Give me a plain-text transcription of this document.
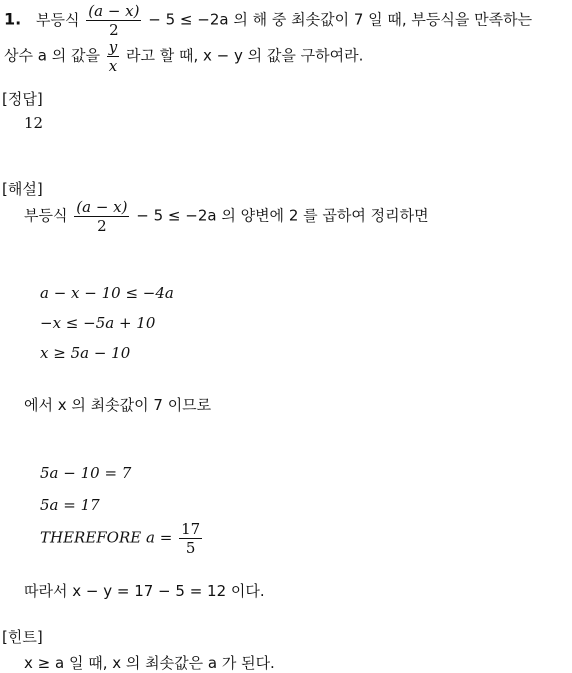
1. 부등식 $\frac{(a - x)}{2} - 5 \le -2a$ 의 해 중 최솟값이 7 일 때, 부등식을 만족하는
상수 a 의 값을 $\frac{y}{x}$ 라고 할 때, x − y 의 값을 구하여라.
[정답]
12
[해설]
부등식 $\frac{(a - x)}{2} - 5 \le -2a$ 의 양변에 2 를 곱하여 정리하면
a − x − 10 ≤ −4a
−x ≤ −5a + 10
x ≥ 5a − 10
에서 x 의 최솟값이 7 이므로
5a − 10 = 7
5a = 17
THEREFORE $a = \frac{17}{5}$
따라서 x − y = 17 − 5 = 12 이다.
[힌트]
x ≥ a 일 때, x 의 최솟값은 a 가 된다.
